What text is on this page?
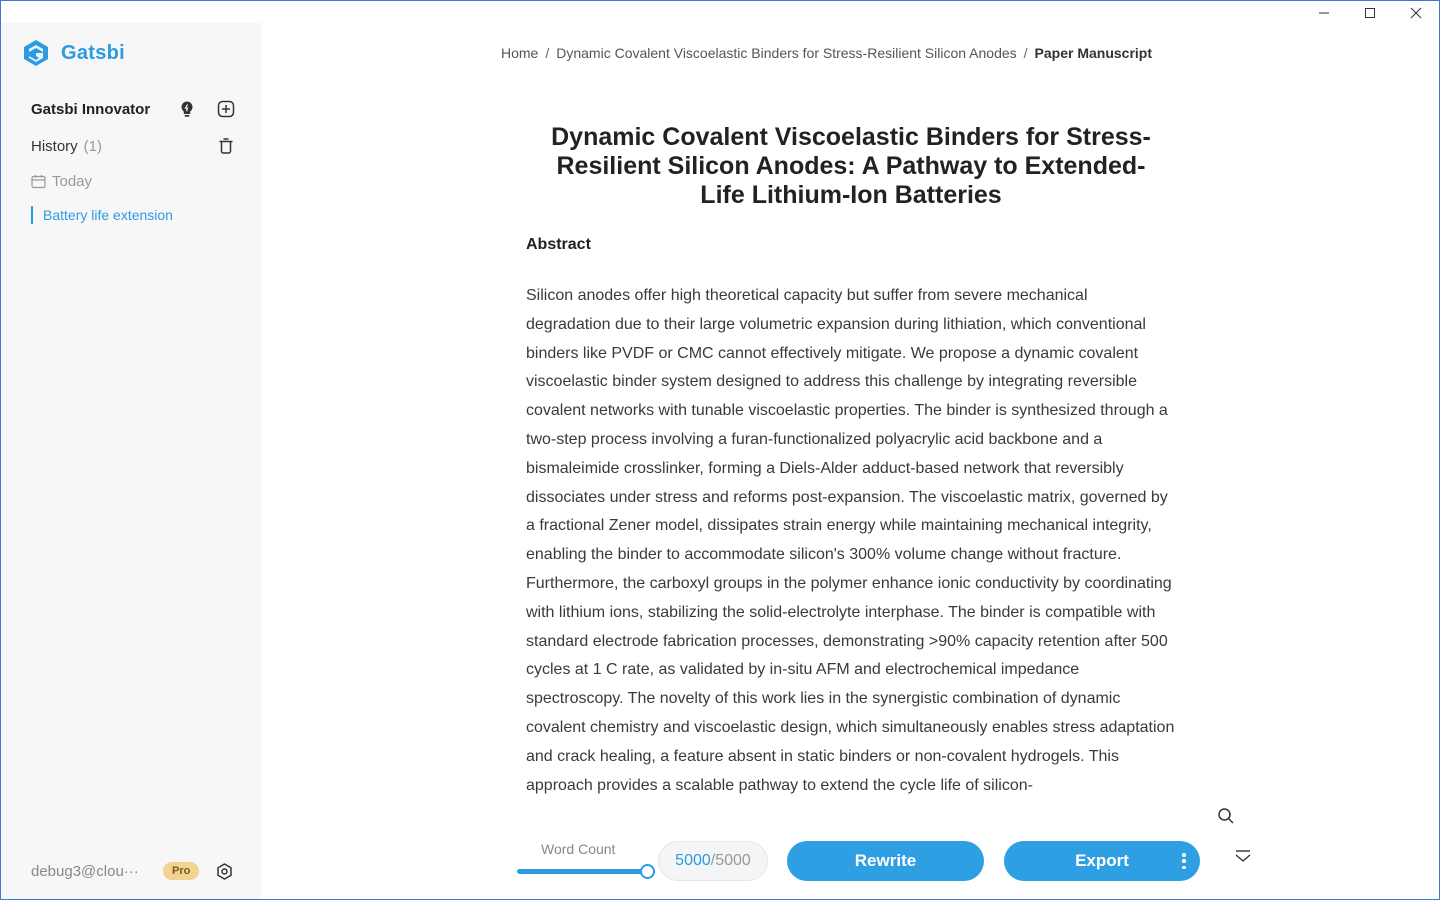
Gatsbi
Gatsbi Innovator
History (1)
Today
Battery life extension
debug3@clou···	Pro
Home / Dynamic Covalent Viscoelastic Binders for Stress-Resilient Silicon Anodes / Paper Manuscript
Dynamic Covalent Viscoelastic Binders for Stress-Resilient Silicon Anodes: A Pathway to Extended-Life Lithium-Ion Batteries
Abstract

Silicon anodes offer high theoretical capacity but suffer from severe mechanical degradation due to their large volumetric expansion during lithiation, which conventional binders like PVDF or CMC cannot effectively mitigate. We propose a dynamic covalent viscoelastic binder system designed to address this challenge by integrating reversible covalent networks with tunable viscoelastic properties. The binder is synthesized through a two-step process involving a furan-functionalized polyacrylic acid backbone and a bismaleimide crosslinker, forming a Diels-Alder adduct-based network that reversibly dissociates under stress and reforms post-expansion. The viscoelastic matrix, governed by a fractional Zener model, dissipates strain energy while maintaining mechanical integrity, enabling the binder to accommodate silicon's 300% volume change without fracture. Furthermore, the carboxyl groups in the polymer enhance ionic conductivity by coordinating with lithium ions, stabilizing the solid-electrolyte interphase. The binder is compatible with standard electrode fabrication processes, demonstrating >90% capacity retention after 500 cycles at 1 C rate, as validated by in-situ AFM and electrochemical impedance spectroscopy. The novelty of this work lies in the synergistic combination of dynamic covalent chemistry and viscoelastic design, which simultaneously enables stress adaptation and crack healing, a feature absent in static binders or non-covalent hydrogels. This approach provides a scalable pathway to extend the cycle life of silicon-

Word Count
5000 /5000	Rewrite	Export
